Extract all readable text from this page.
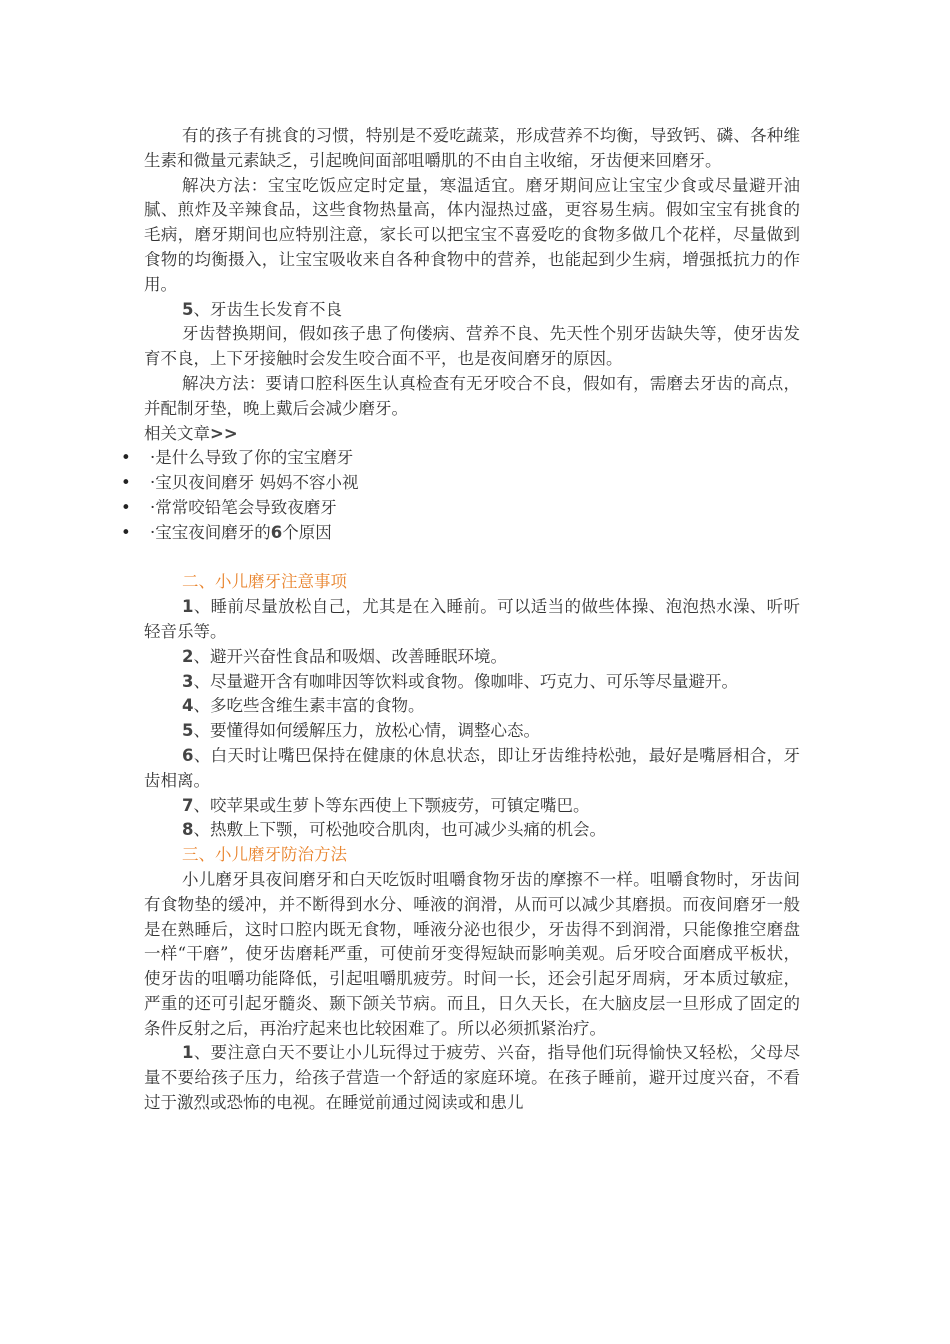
有的孩子有挑食的习惯，特别是不爱吃蔬菜，形成营养不均衡，导致钙、磷、各种维生素和微量元素缺乏，引起晚间面部咀嚼肌的不由自主收缩，牙齿便来回磨牙。

解决方法：宝宝吃饭应定时定量，寒温适宜。磨牙期间应让宝宝少食或尽量避开油腻、煎炸及辛辣食品，这些食物热量高，体内湿热过盛，更容易生病。假如宝宝有挑食的毛病，磨牙期间也应特别注意，家长可以把宝宝不喜爱吃的食物多做几个花样，尽量做到食物的均衡摄入，让宝宝吸收来自各种食物中的营养，也能起到少生病，增强抵抗力的作用。

5、牙齿生长发育不良

牙齿替换期间，假如孩子患了佝偻病、营养不良、先天性个别牙齿缺失等，使牙齿发育不良，上下牙接触时会发生咬合面不平，也是夜间磨牙的原因。

解决方法：要请口腔科医生认真检查有无牙咬合不良，假如有，需磨去牙齿的高点，并配制牙垫，晚上戴后会减少磨牙。

相关文章>>

• ·是什么导致了你的宝宝磨牙
• ·宝贝夜间磨牙 妈妈不容小视
• ·常常咬铅笔会导致夜磨牙
• ·宝宝夜间磨牙的6个原因

二、小儿磨牙注意事项

1、睡前尽量放松自己，尤其是在入睡前。可以适当的做些体操、泡泡热水澡、听听轻音乐等。

2、避开兴奋性食品和吸烟、改善睡眠环境。

3、尽量避开含有咖啡因等饮料或食物。像咖啡、巧克力、可乐等尽量避开。

4、多吃些含维生素丰富的食物。

5、要懂得如何缓解压力，放松心情，调整心态。

6、白天时让嘴巴保持在健康的休息状态，即让牙齿维持松弛，最好是嘴唇相合，牙齿相离。

7、咬苹果或生萝卜等东西使上下颚疲劳，可镇定嘴巴。

8、热敷上下颚，可松弛咬合肌肉，也可减少头痛的机会。

三、小儿磨牙防治方法

小儿磨牙具夜间磨牙和白天吃饭时咀嚼食物牙齿的摩擦不一样。咀嚼食物时，牙齿间有食物垫的缓冲，并不断得到水分、唾液的润滑，从而可以减少其磨损。而夜间磨牙一般是在熟睡后，这时口腔内既无食物，唾液分泌也很少，牙齿得不到润滑，只能像推空磨盘一样“干磨”，使牙齿磨耗严重，可使前牙变得短缺而影响美观。后牙咬合面磨成平板状，使牙齿的咀嚼功能降低，引起咀嚼肌疲劳。时间一长，还会引起牙周病，牙本质过敏症，严重的还可引起牙髓炎、颞下颌关节病。而且，日久天长，在大脑皮层一旦形成了固定的条件反射之后，再治疗起来也比较困难了。所以必须抓紧治疗。

1、要注意白天不要让小儿玩得过于疲劳、兴奋，指导他们玩得愉快又轻松，父母尽量不要给孩子压力，给孩子营造一个舒适的家庭环境。在孩子睡前，避开过度兴奋，不看过于激烈或恐怖的电视。在睡觉前通过阅读或和患儿
